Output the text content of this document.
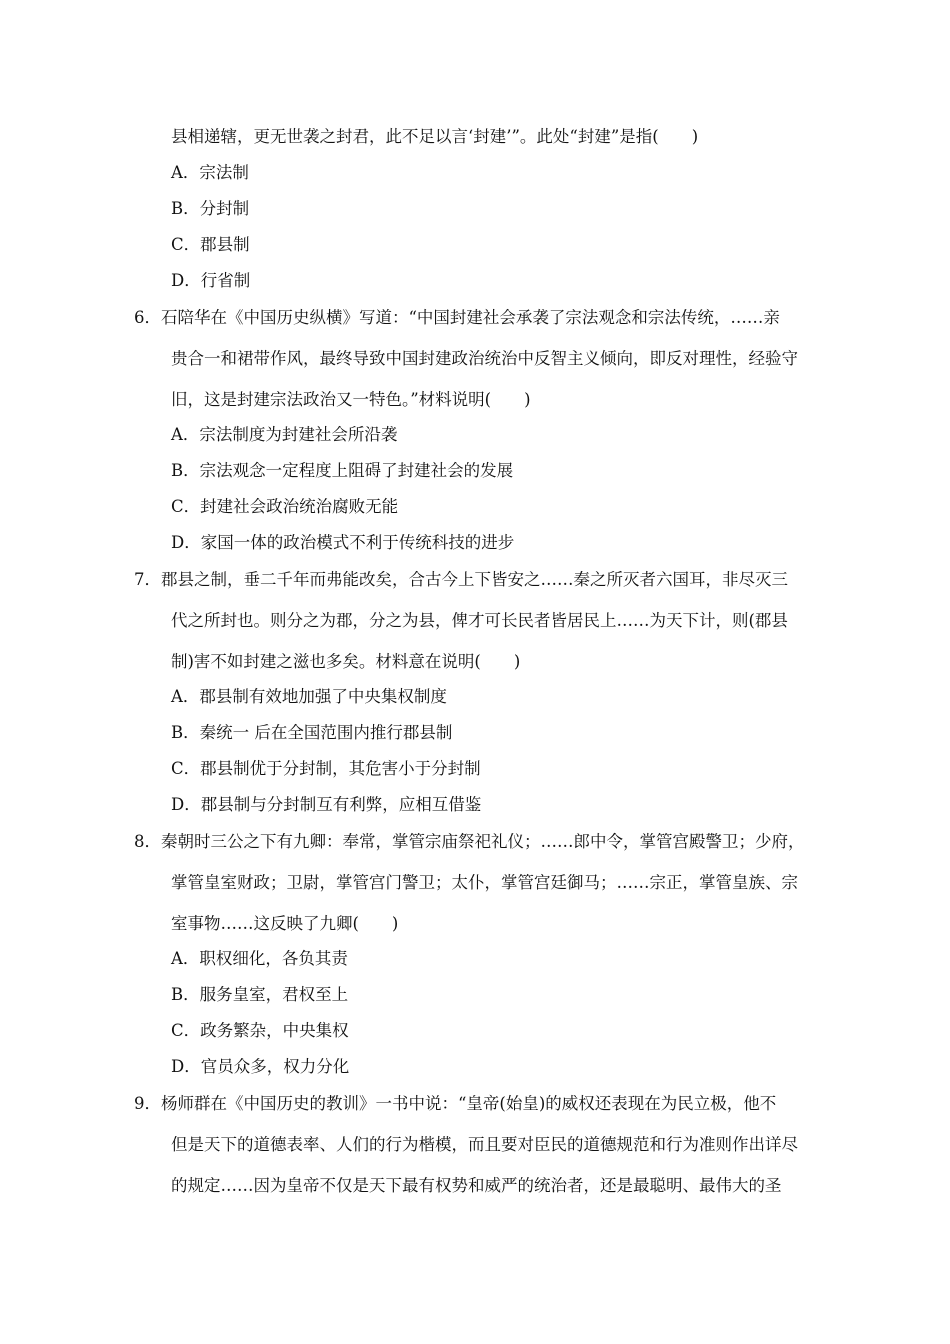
县相递辖，更无世袭之封君，此不足以言‘封建’”。此处“封建”是指(　　)
A．宗法制
B．分封制
C．郡县制
D．行省制
6．石陪华在《中国历史纵横》写道：“中国封建社会承袭了宗法观念和宗法传统，……亲
贵合一和裙带作风，最终导致中国封建政治统治中反智主义倾向，即反对理性，经验守
旧，这是封建宗法政治又一特色。”材料说明(　　)
A．宗法制度为封建社会所沿袭
B．宗法观念一定程度上阻碍了封建社会的发展
C．封建社会政治统治腐败无能
D．家国一体的政治模式不利于传统科技的进步
7．郡县之制，垂二千年而弗能改矣，合古今上下皆安之……秦之所灭者六国耳，非尽灭三
代之所封也。则分之为郡，分之为县，俾才可长民者皆居民上……为天下计，则(郡县
制)害不如封建之滋也多矣。材料意在说明(　　)
A．郡县制有效地加强了中央集权制度
B．秦统一 后在全国范围内推行郡县制
C．郡县制优于分封制，其危害小于分封制
D．郡县制与分封制互有利弊，应相互借鉴
8．秦朝时三公之下有九卿：奉常，掌管宗庙祭祀礼仪；……郎中令，掌管宫殿警卫；少府，
掌管皇室财政；卫尉，掌管宫门警卫；太仆，掌管宫廷御马；……宗正，掌管皇族、宗
室事物……这反映了九卿(　　)
A．职权细化，各负其责
B．服务皇室，君权至上
C．政务繁杂，中央集权
D．官员众多，权力分化
9．杨师群在《中国历史的教训》一书中说：“皇帝(始皇)的威权还表现在为民立极，他不
但是天下的道德表率、人们的行为楷模，而且要对臣民的道德规范和行为准则作出详尽
的规定……因为皇帝不仅是天下最有权势和威严的统治者，还是最聪明、最伟大的圣
